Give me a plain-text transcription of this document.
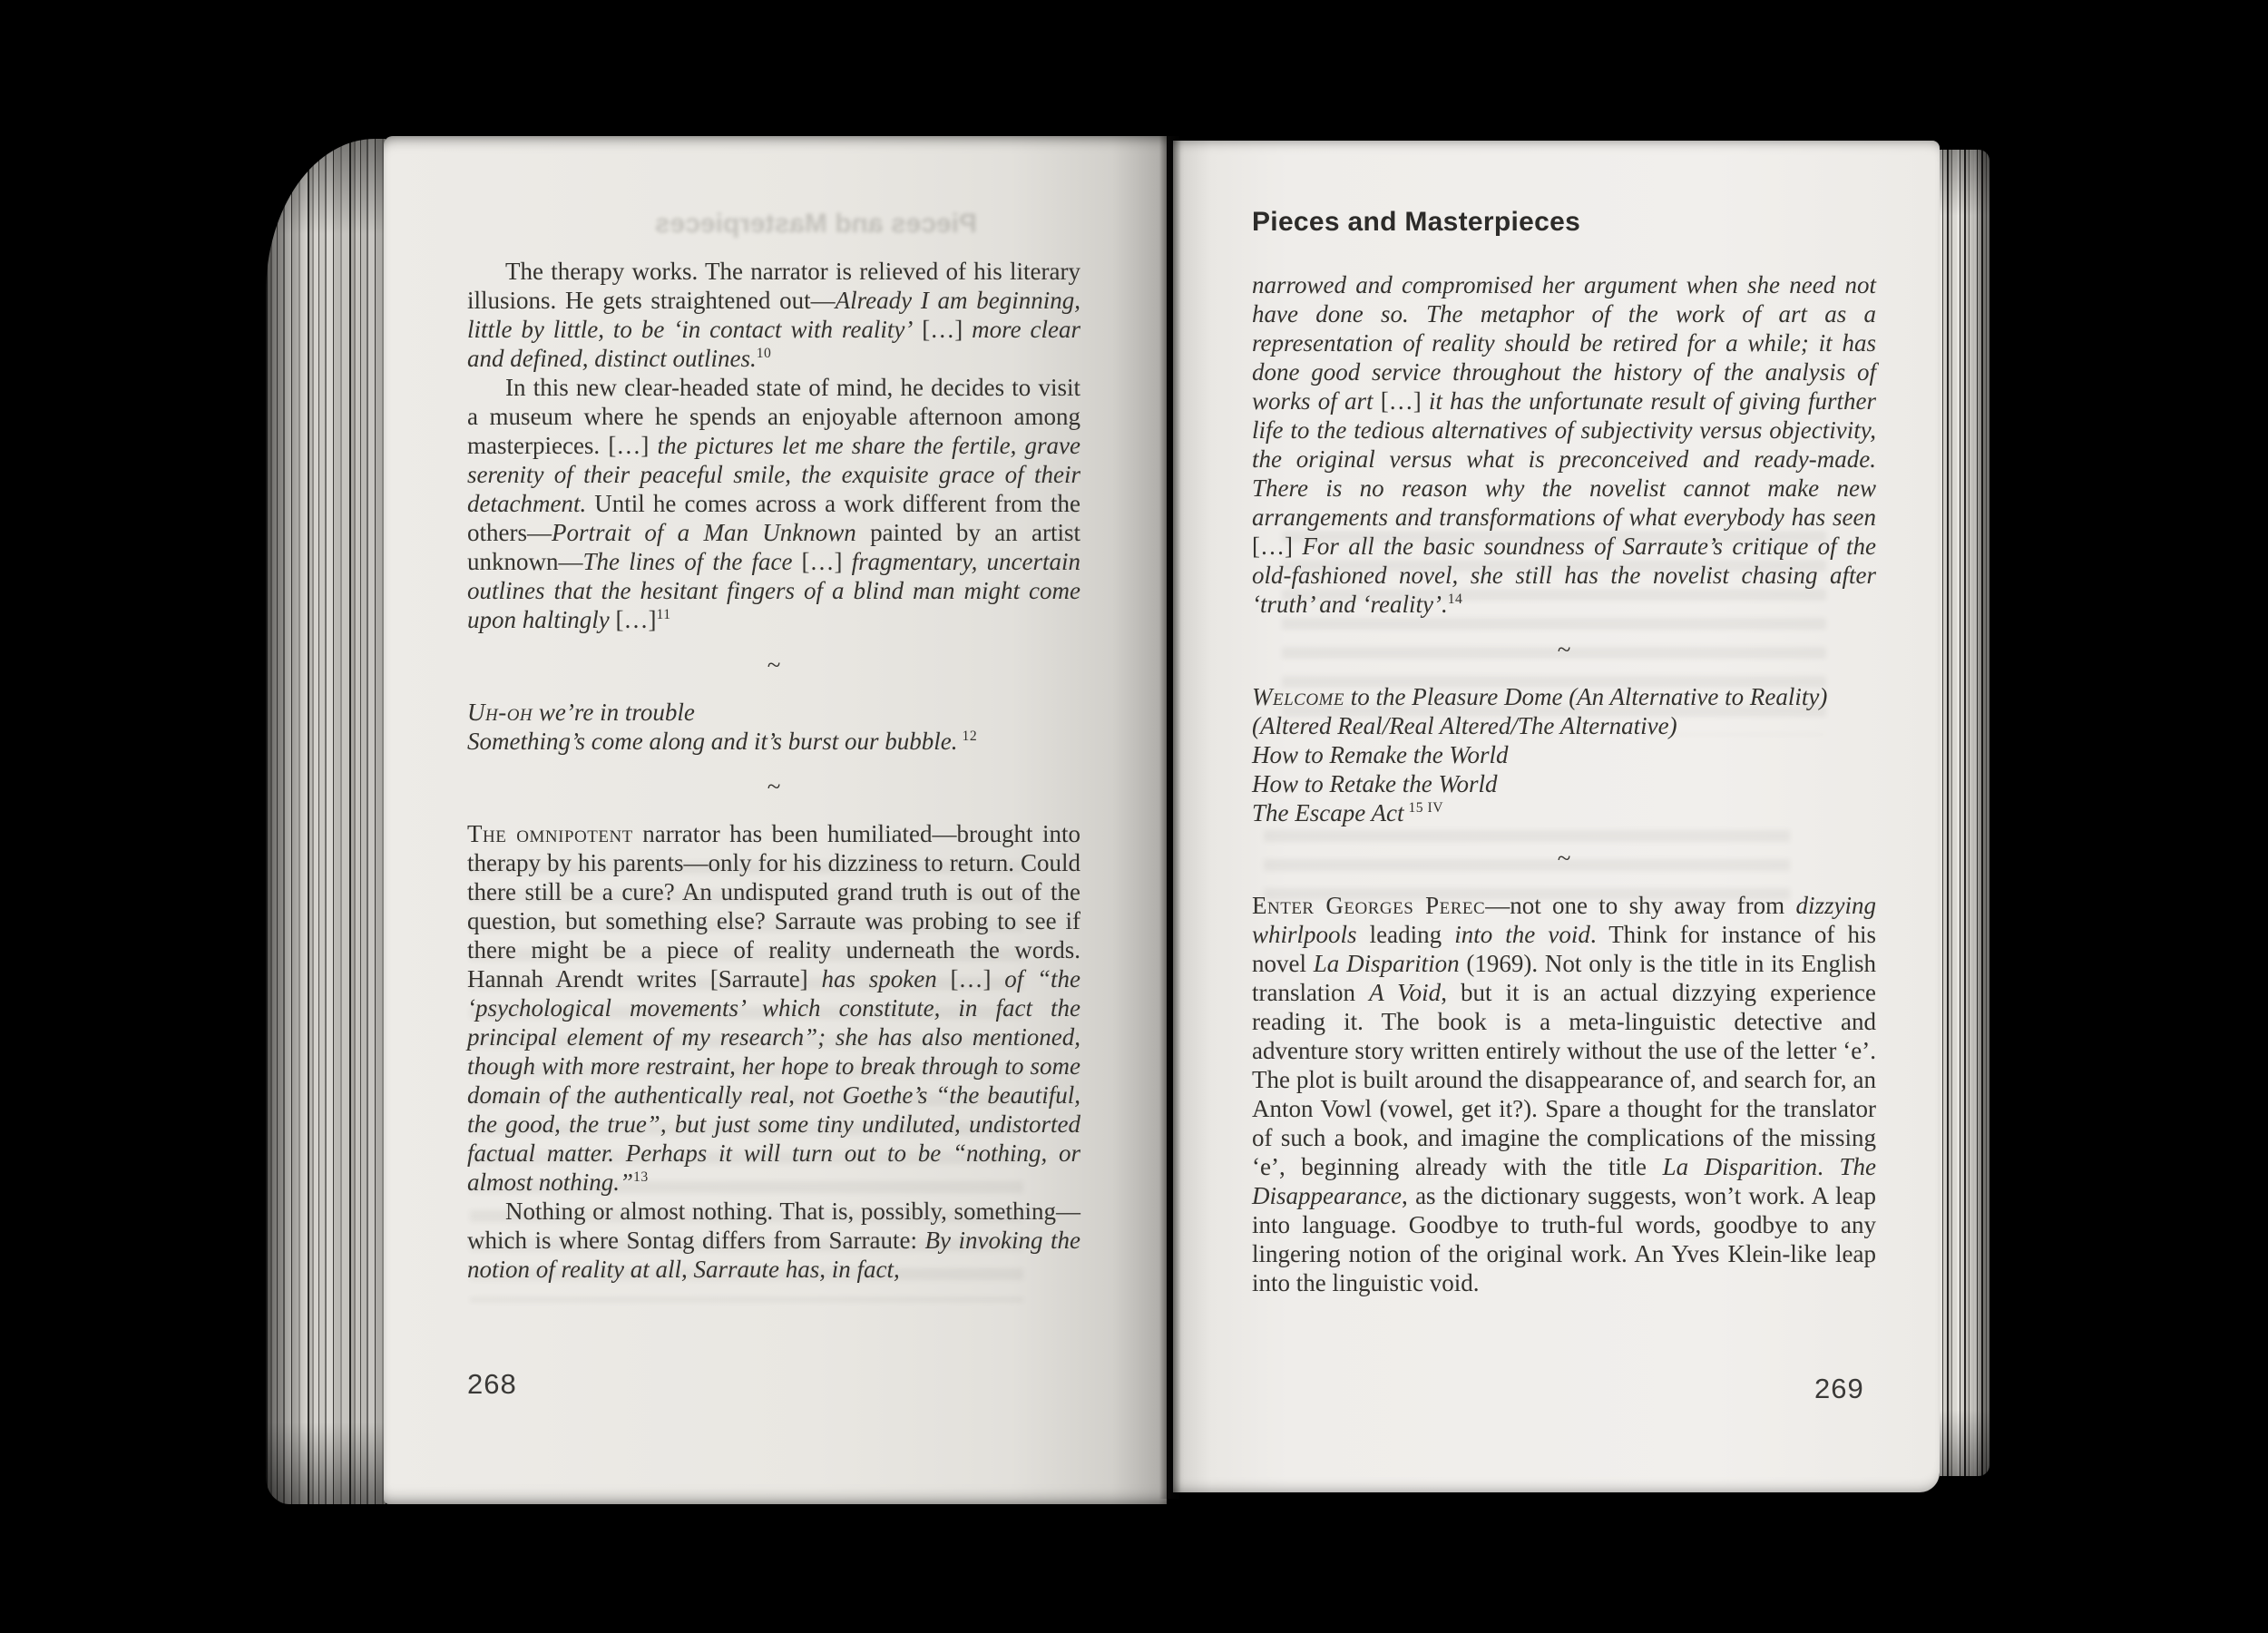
Pieces and Masterpieces

The therapy works. The narrator is relieved of his literary illusions. He gets straightened out—Already I am beginning, little by little, to be ‘in contact with reality’ […] more clear and defined, distinct outlines.$^{10}$

In this new clear-headed state of mind, he decides to visit a museum where he spends an enjoyable afternoon among masterpieces. […] the pictures let me share the fertile, grave serenity of their peaceful smile, the exquisite grace of their detachment. Until he comes across a work different from the others—Portrait of a Man Unknown painted by an artist unknown—The lines of the face […] fragmentary, uncertain outlines that the hesitant fingers of a blind man might come upon haltingly […]$^{11}$

~
Uh-oh we’re in trouble
Something’s come along and it’s burst our bubble. $^{12}$
~

The omnipotent narrator has been humiliated—brought into therapy by his parents—only for his dizziness to return. Could there still be a cure? An undisputed grand truth is out of the question, but something else? Sarraute was probing to see if there might be a piece of reality underneath the words. Hannah Arendt writes [Sarraute] has spoken […] of “the ‘psychological movements’ which constitute, in fact the principal element of my research”; she has also mentioned, though with more restraint, her hope to break through to some domain of the authentically real, not Goethe’s “the beautiful, the good, the true”, but just some tiny undiluted, undistorted factual matter. Perhaps it will turn out to be “nothing, or almost nothing.”$^{13}$

Nothing or almost nothing. That is, possibly, something—which is where Sontag differs from Sarraute: By invoking the notion of reality at all, Sarraute has, in fact,

268
Pieces and Masterpieces

narrowed and compromised her argument when she need not have done so. The metaphor of the work of art as a representation of reality should be retired for a while; it has done good service throughout the history of the analysis of works of art […] it has the unfortunate result of giving further life to the tedious alternatives of subjectivity versus objectivity, the original versus what is preconceived and ready-made. There is no reason why the novelist cannot make new arrangements and transformations of what everybody has seen […] For all the basic soundness of Sarraute’s critique of the old-fashioned novel, she still has the novelist chasing after ‘truth’ and ‘reality’.$^{14}$

~
Welcome to the Pleasure Dome (An Alternative to Reality)
(Altered Real/Real Altered/The Alternative)
How to Remake the World
How to Retake the World
The Escape Act $^{15 IV}$
~

Enter Georges Perec—not one to shy away from dizzying whirlpools leading into the void. Think for instance of his novel La Disparition (1969). Not only is the title in its English translation A Void, but it is an actual dizzying experience reading it. The book is a meta-linguistic detective and adventure story written entirely without the use of the letter ‘e’. The plot is built around the disappearance of, and search for, an Anton Vowl (vowel, get it?). Spare a thought for the translator of such a book, and imagine the complications of the missing ‘e’, beginning already with the title La Disparition. The Disappearance, as the dictionary suggests, won’t work. A leap into language. Goodbye to truth-ful words, goodbye to any lingering notion of the original work. An Yves Klein-like leap into the linguistic void.

269
